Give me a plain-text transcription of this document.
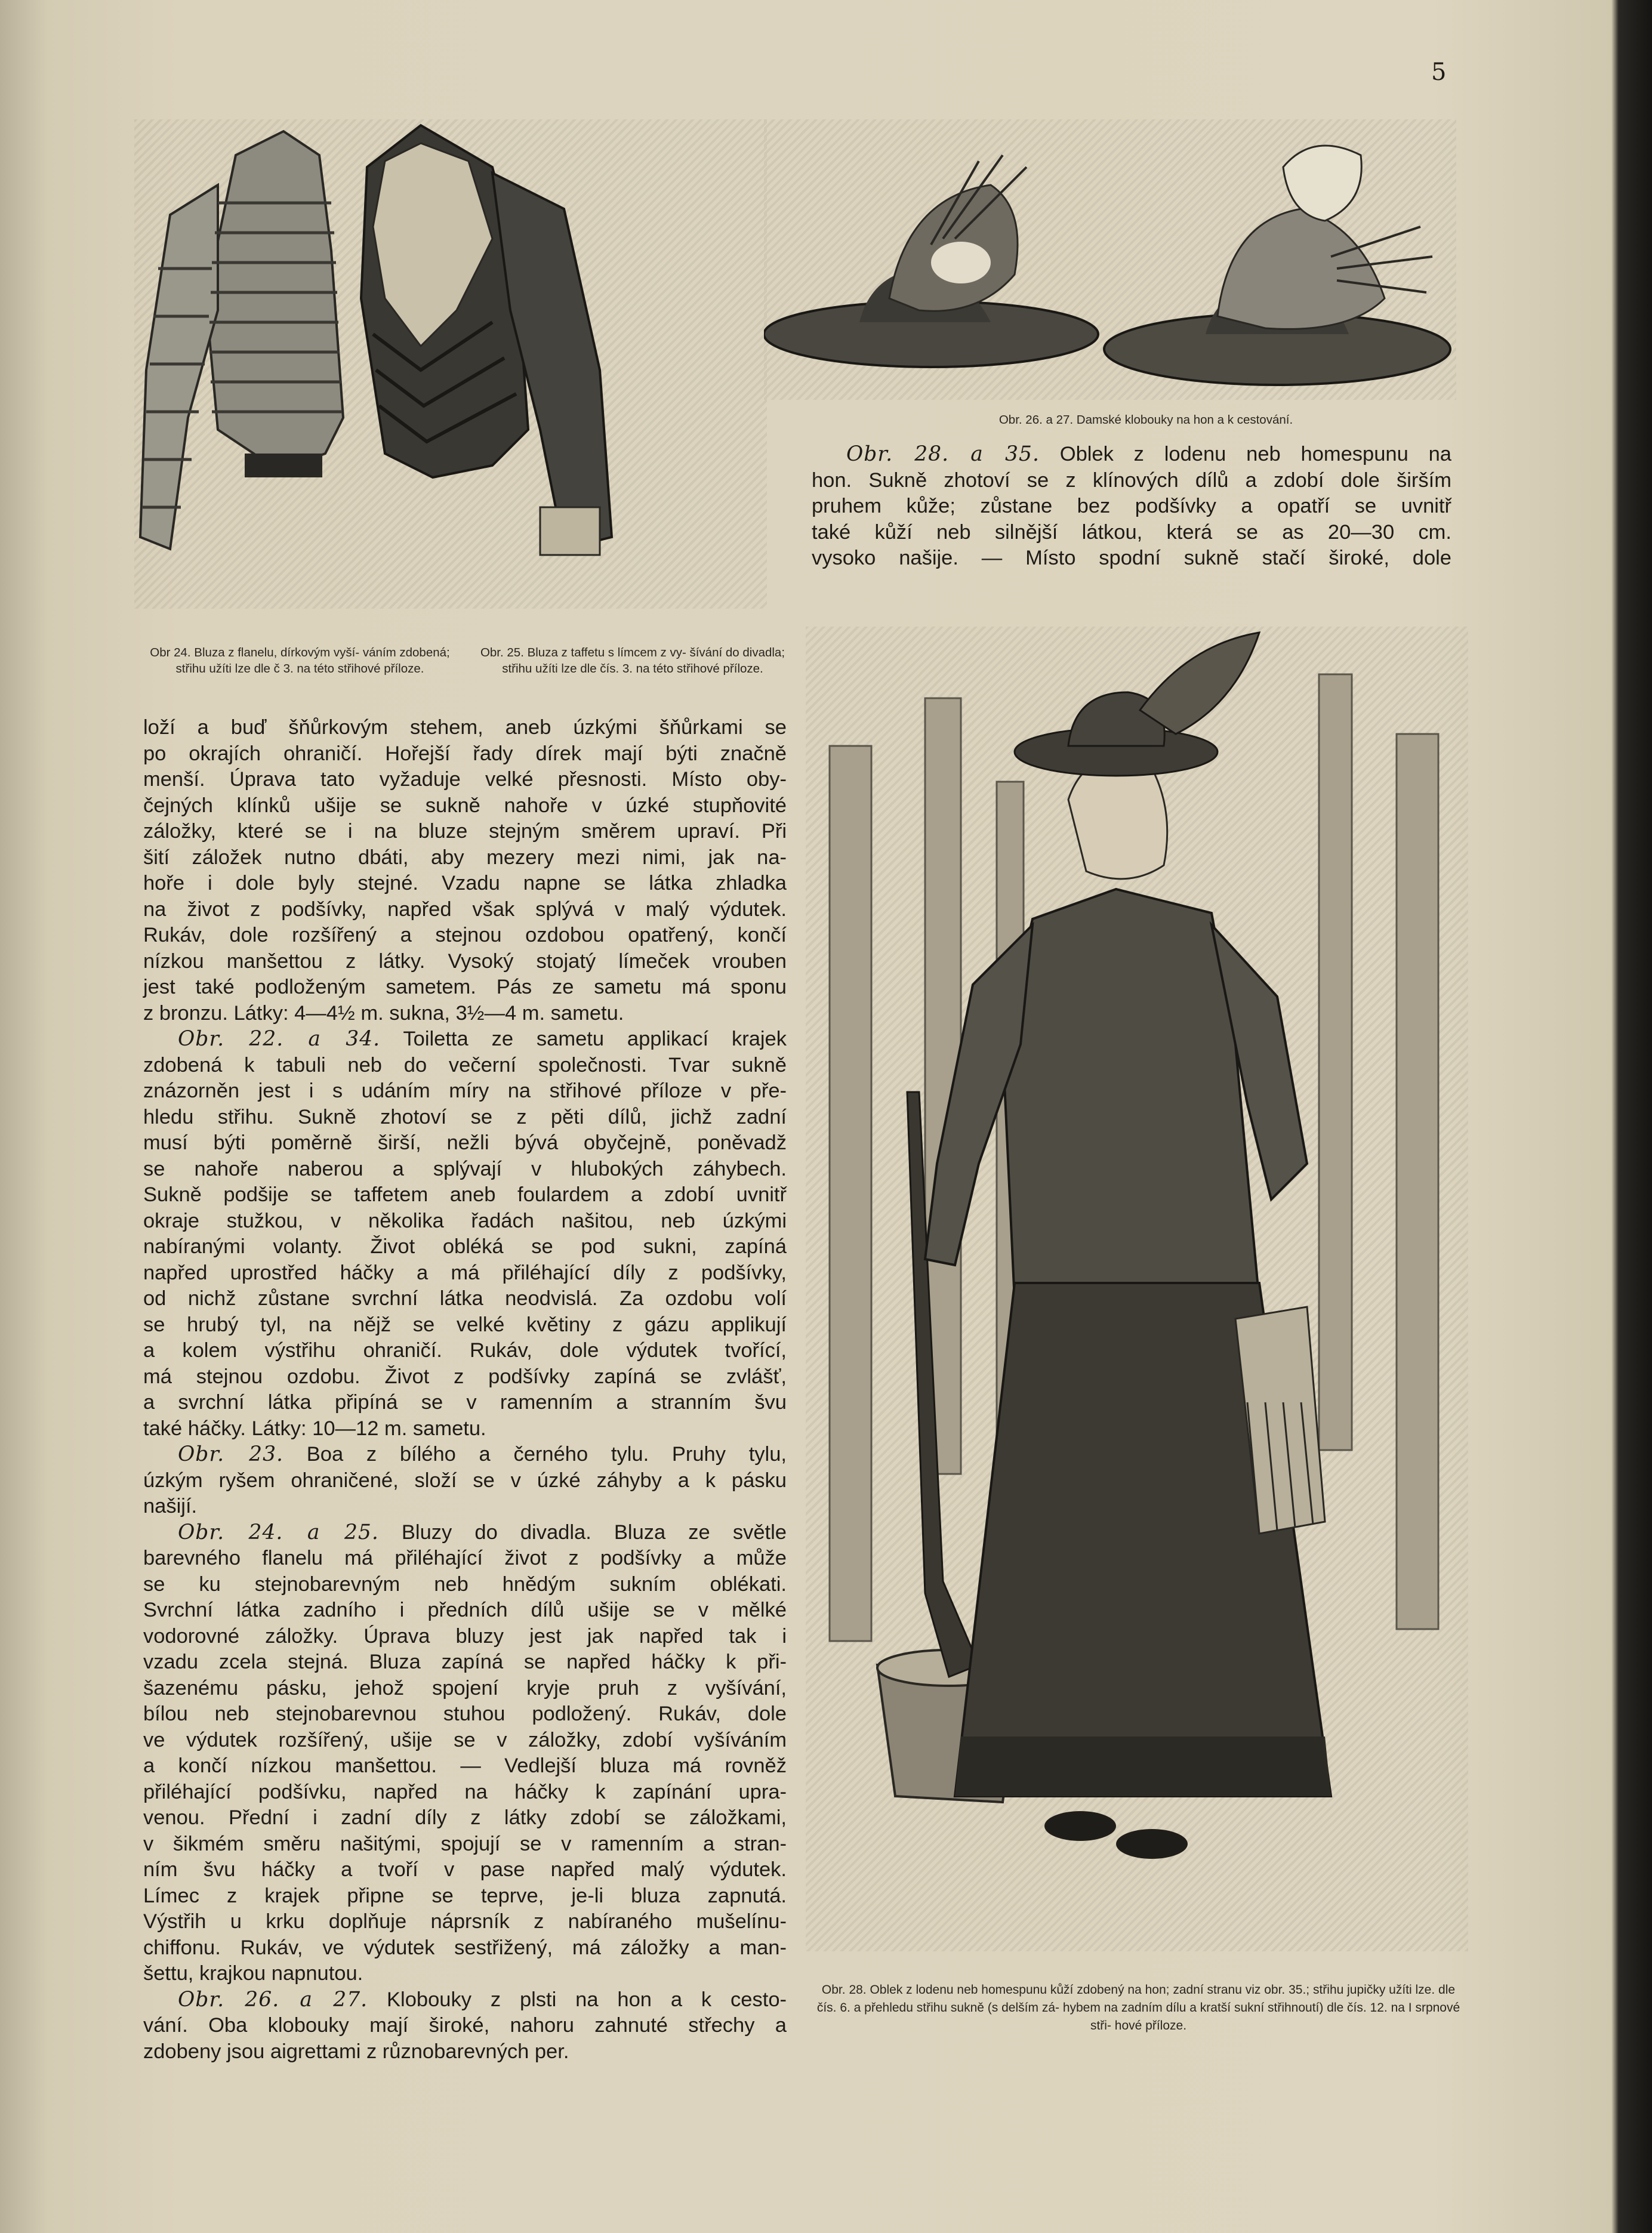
5
Obr. 26. a 27. Damské klobouky na hon a k cestování.
Obr. 28. a 35. Oblek z lodenu neb homespunu na
hon. Sukně zhotoví se z klínových dílů a zdobí dole širším
pruhem kůže; zůstane bez podšívky a opatří se uvnitř
také kůží neb silnější látkou, která se as 20—30 cm.
vysoko našije. — Místo spodní sukně stačí široké, dole
Obr 24. Bluza z flanelu, dírkovým vyší- váním zdobená; střihu užíti lze dle č 3. na této střihové příloze.
Obr. 25. Bluza z taffetu s límcem z vy- šívání do divadla; střihu užíti lze dle čís. 3. na této střihové příloze.
Obr. 28. Oblek z lodenu neb homespunu kůží zdobený na hon; zadní stranu viz obr. 35.; střihu jupičky užíti lze. dle čís. 6. a přehledu střihu sukně (s delším zá- hybem na zadním dílu a kratší sukní střihnoutí) dle čís. 12. na I srpnové stři- hové příloze.
loží a buď šňůrkovým stehem, aneb úzkými šňůrkami se
po okrajích ohraničí. Hořejší řady dírek mají býti značně
menší. Úprava tato vyžaduje velké přesnosti. Místo oby-
čejných klínků ušije se sukně nahoře v úzké stupňovité
záložky, které se i na bluze stejným směrem upraví. Při
šití záložek nutno dbáti, aby mezery mezi nimi, jak na-
hoře i dole byly stejné. Vzadu napne se látka zhladka
na život z podšívky, napřed však splývá v malý výdutek.
Rukáv, dole rozšířený a stejnou ozdobou opatřený, končí
nízkou manšettou z látky. Vysoký stojatý límeček vrouben
jest také podloženým sametem. Pás ze sametu má sponu
z bronzu. Látky: 4—4½ m. sukna, 3½—4 m. sametu.
Obr. 22. a 34. Toiletta ze sametu applikací krajek
zdobená k tabuli neb do večerní společnosti. Tvar sukně
znázorněn jest i s udáním míry na střihové příloze v pře-
hledu střihu. Sukně zhotoví se z pěti dílů, jichž zadní
musí býti poměrně širší, nežli bývá obyčejně, poněvadž
se nahoře naberou a splývají v hlubokých záhybech.
Sukně podšije se taffetem aneb foulardem a zdobí uvnitř
okraje stužkou, v několika řadách našitou, neb úzkými
nabíranými volanty. Život obléká se pod sukni, zapíná
napřed uprostřed háčky a má přiléhající díly z podšívky,
od nichž zůstane svrchní látka neodvislá. Za ozdobu volí
se hrubý tyl, na nějž se velké květiny z gázu applikují
a kolem výstřihu ohraničí. Rukáv, dole výdutek tvořící,
má stejnou ozdobu. Život z podšívky zapíná se zvlášť,
a svrchní látka připíná se v ramenním a stranním švu
také háčky. Látky: 10—12 m. sametu.
Obr. 23. Boa z bílého a černého tylu. Pruhy tylu,
úzkým ryšem ohraničené, složí se v úzké záhyby a k pásku
našijí.
Obr. 24. a 25. Bluzy do divadla. Bluza ze světle
barevného flanelu má přiléhající život z podšívky a může
se ku stejnobarevným neb hnědým sukním oblékati.
Svrchní látka zadního i předních dílů ušije se v mělké
vodorovné záložky. Úprava bluzy jest jak napřed tak i
vzadu zcela stejná. Bluza zapíná se napřed háčky k při-
šazenému pásku, jehož spojení kryje pruh z vyšívání,
bílou neb stejnobarevnou stuhou podložený. Rukáv, dole
ve výdutek rozšířený, ušije se v záložky, zdobí vyšíváním
a končí nízkou manšettou. — Vedlejší bluza má rovněž
přiléhající podšívku, napřed na háčky k zapínání upra-
venou. Přední i zadní díly z látky zdobí se záložkami,
v šikmém směru našitými, spojují se v ramenním a stran-
ním švu háčky a tvoří v pase napřed malý výdutek.
Límec z krajek připne se teprve, je-li bluza zapnutá.
Výstřih u krku doplňuje náprsník z nabíraného mušelínu-
chiffonu. Rukáv, ve výdutek sestřižený, má záložky a man-
šettu, krajkou napnutou.
Obr. 26. a 27. Klobouky z plsti na hon a k cesto-
vání. Oba klobouky mají široké, nahoru zahnuté střechy a
zdobeny jsou aigrettami z různobarevných per.
